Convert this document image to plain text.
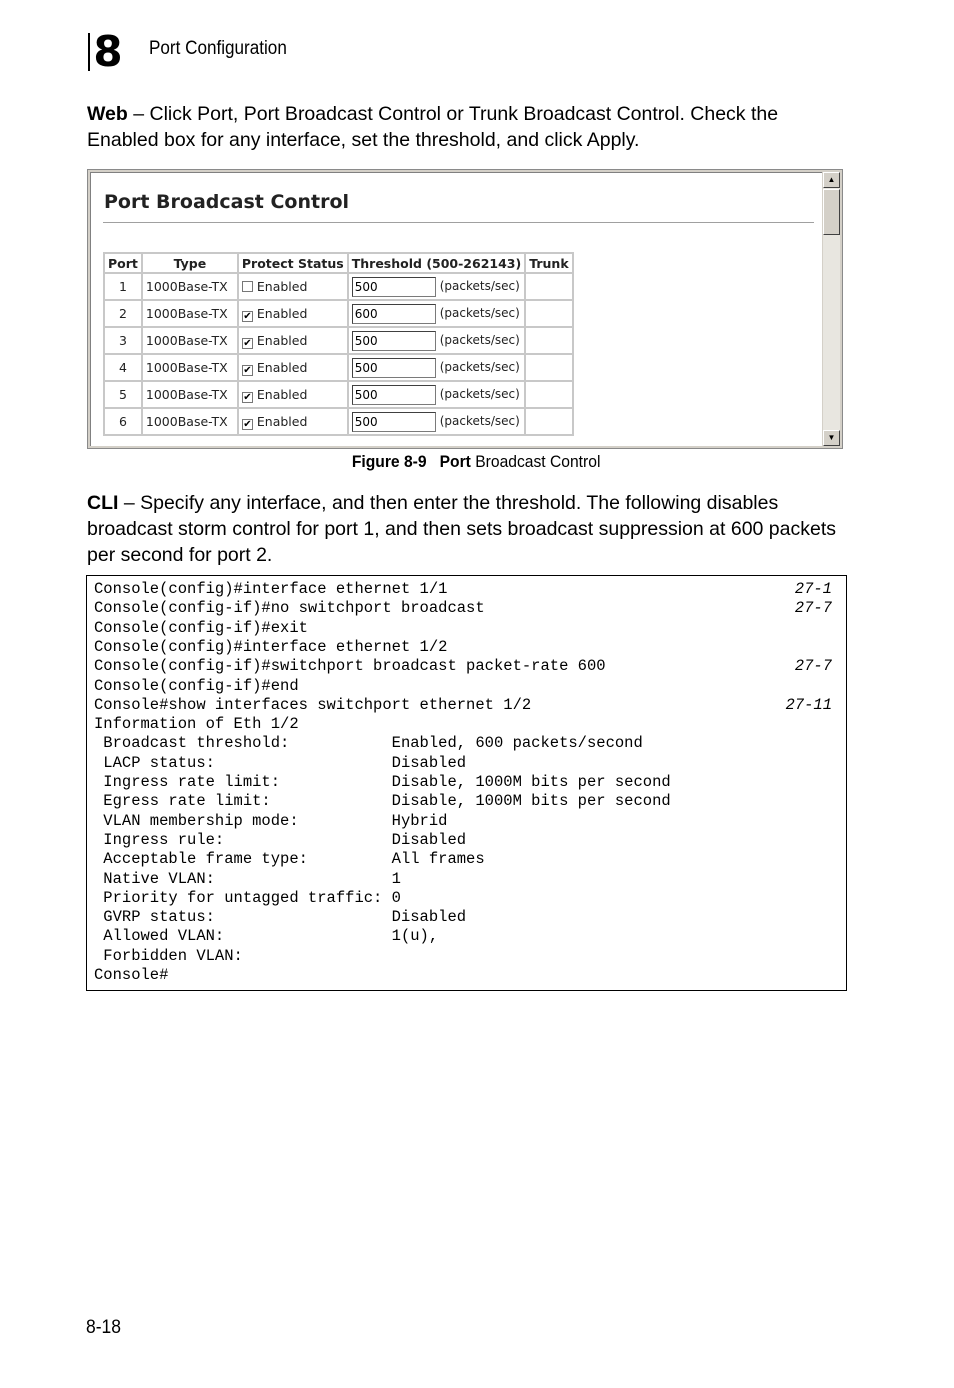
8 Port Configuration
Web – Click Port, Port Broadcast Control or Trunk Broadcast Control. Check the Enabled box for any interface, set the threshold, and click Apply.
Port Broadcast Control
Port	Type	Protect Status	Threshold (500-262143)	Trunk
1	1000Base-TX	Enabled	500(packets/sec)	
2	1000Base-TX	✔ Enabled	600(packets/sec)	
3	1000Base-TX	✔ Enabled	500(packets/sec)	
4	1000Base-TX	✔ Enabled	500(packets/sec)	
5	1000Base-TX	✔ Enabled	500(packets/sec)	
6	1000Base-TX	✔ Enabled	500(packets/sec)	
▲
▼
Figure 8-9 Port Broadcast Control
CLI – Specify any interface, and then enter the threshold. The following disables broadcast storm control for port 1, and then sets broadcast suppression at 600 packets per second for port 2.
Console(config)#interface ethernet 1/1	27-1
Console(config-if)#no switchport broadcast	27-7
Console(config-if)#exit
Console(config)#interface ethernet 1/2
Console(config-if)#switchport broadcast packet-rate 600	27-7
Console(config-if)#end
Console#show interfaces switchport ethernet 1/2	27-11
Information of Eth 1/2
Broadcast threshold:           Enabled, 600 packets/second
LACP status:                   Disabled
Ingress rate limit:            Disable, 1000M bits per second
Egress rate limit:             Disable, 1000M bits per second
VLAN membership mode:          Hybrid
Ingress rule:                  Disabled
Acceptable frame type:         All frames
Native VLAN:                   1
Priority for untagged traffic: 0
GVRP status:                   Disabled
Allowed VLAN:                  1(u),
Forbidden VLAN:
Console#
8-18
